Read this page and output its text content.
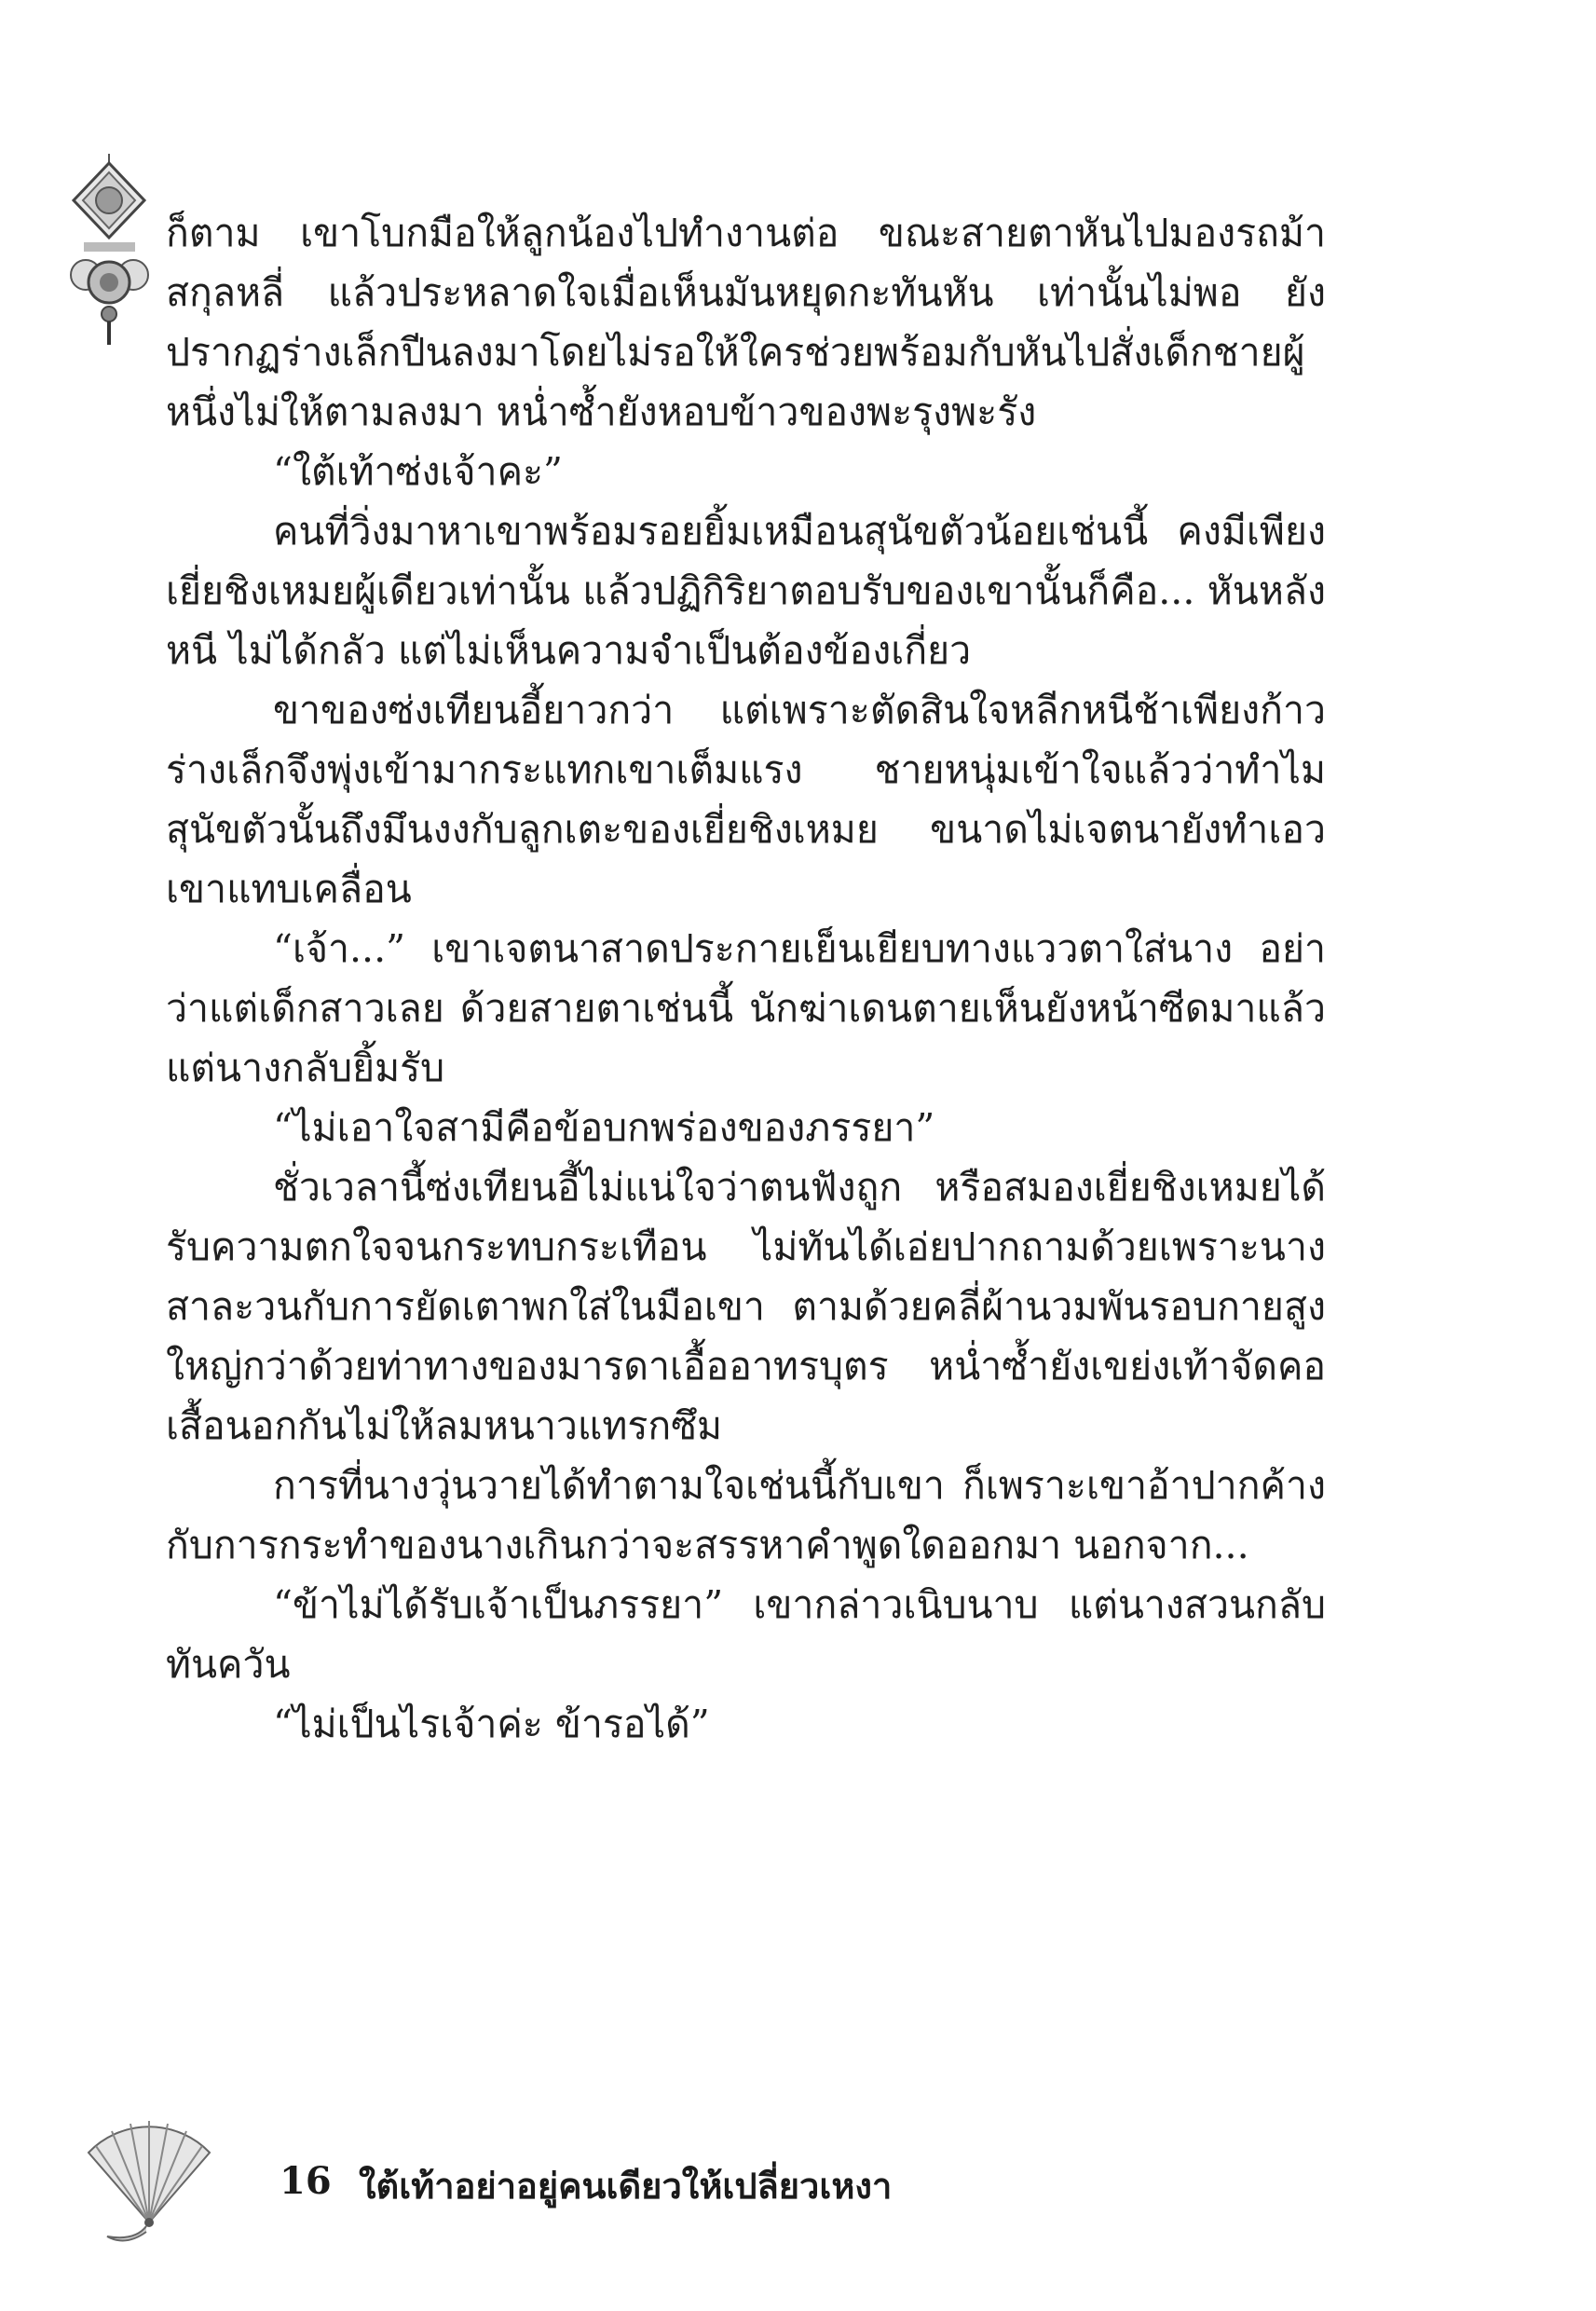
ก็ตาม เขาโบกมือให้ลูกน้องไปทำงานต่อ ขณะสายตาหันไปมองรถม้าสกุลหลี่ แล้วประหลาดใจเมื่อเห็นมันหยุดกะทันหัน เท่านั้นไม่พอ ยังปรากฏร่างเล็กปีนลงมาโดยไม่รอให้ใครช่วยพร้อมกับหันไปสั่งเด็กชายผู้หนึ่งไม่ให้ตามลงมา หน่ำซ้ำยังหอบข้าวของพะรุงพะรัง

“ใต้เท้าซ่งเจ้าคะ”

คนที่วิ่งมาหาเขาพร้อมรอยยิ้มเหมือนสุนัขตัวน้อยเช่นนี้ คงมีเพียงเยี่ยชิงเหมยผู้เดียวเท่านั้น แล้วปฏิกิริยาตอบรับของเขานั้นก็คือ... หันหลังหนี ไม่ได้กลัว แต่ไม่เห็นความจำเป็นต้องข้องเกี่ยว

ขาของซ่งเทียนอี้ยาวกว่า แต่เพราะตัดสินใจหลีกหนีช้าเพียงก้าว ร่างเล็กจึงพุ่งเข้ามากระแทกเขาเต็มแรง ชายหนุ่มเข้าใจแล้วว่าทำไม สุนัขตัวนั้นถึงมึนงงกับลูกเตะของเยี่ยชิงเหมย ขนาดไม่เจตนายังทำเอวเขาแทบเคลื่อน

“เจ้า...” เขาเจตนาสาดประกายเย็นเยียบทางแววตาใส่นาง อย่าว่าแต่เด็กสาวเลย ด้วยสายตาเช่นนี้ นักฆ่าเดนตายเห็นยังหน้าซีดมาแล้ว แต่นางกลับยิ้มรับ

“ไม่เอาใจสามีคือข้อบกพร่องของภรรยา”

ชั่วเวลานี้ซ่งเทียนอี้ไม่แน่ใจว่าตนฟังถูก หรือสมองเยี่ยชิงเหมยได้รับความตกใจจนกระทบกระเทือน ไม่ทันได้เอ่ยปากถามด้วยเพราะนางสาละวนกับการยัดเตาพกใส่ในมือเขา ตามด้วยคลี่ผ้านวมพันรอบกายสูงใหญ่กว่าด้วยท่าทางของมารดาเอื้ออาทรบุตร หน่ำซ้ำยังเขย่งเท้าจัดคอเสื้อนอกกันไม่ให้ลมหนาวแทรกซึม

การที่นางวุ่นวายได้ทำตามใจเช่นนี้กับเขา ก็เพราะเขาอ้าปากค้างกับการกระทำของนางเกินกว่าจะสรรหาคำพูดใดออกมา นอกจาก...

“ข้าไม่ได้รับเจ้าเป็นภรรยา” เขากล่าวเนิบนาบ แต่นางสวนกลับทันควัน

“ไม่เป็นไรเจ้าค่ะ ข้ารอได้”

16 ใต้เท้าอย่าอยู่คนเดียวให้เปลี่ยวเหงา
